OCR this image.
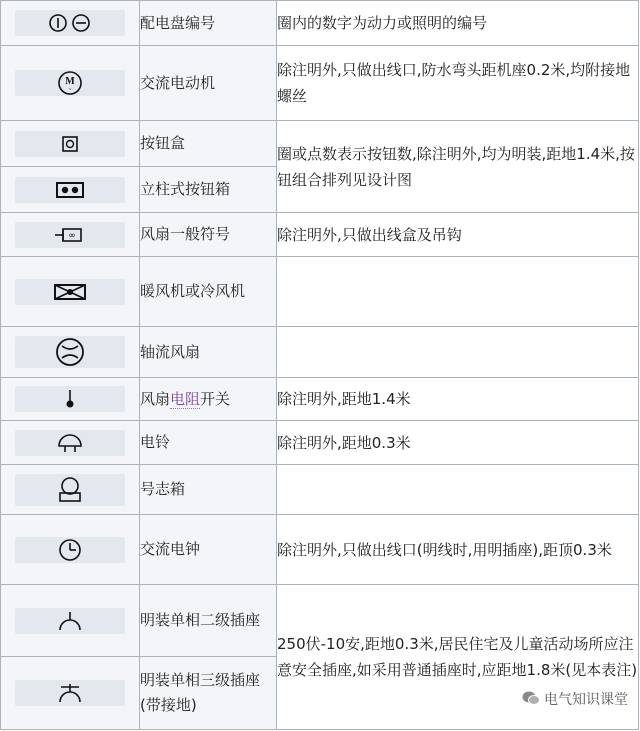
	配电盘编号	圈内的数字为动力或照明的编号

M
~	交流电动机	除注明外,只做出线口,防水弯头距机座0.2米,均附接地螺丝

	按钮盒	圈或点数表示按钮数,除注明外,均为明装,距地1.4米,按钮组合排列见设计图

	立柱式按钮箱	

∞	风扇一般符号	除注明外,只做出线盒及吊钩

	暖风机或冷风机	

	轴流风扇	

	风扇电阻开关	除注明外,距地1.4米

	电铃	除注明外,距地0.3米

	号志箱	

	交流电钟	除注明外,只做出线口(明线时,用明插座),距顶0.3米

	明装单相二级插座	250伏-10安,距地0.3米,居民住宅及儿童活动场所应注意安全插座,如采用普通插座时,应距地1.8米(见本表注)

	明装单相三级插座(带接地)		电气知识课堂
